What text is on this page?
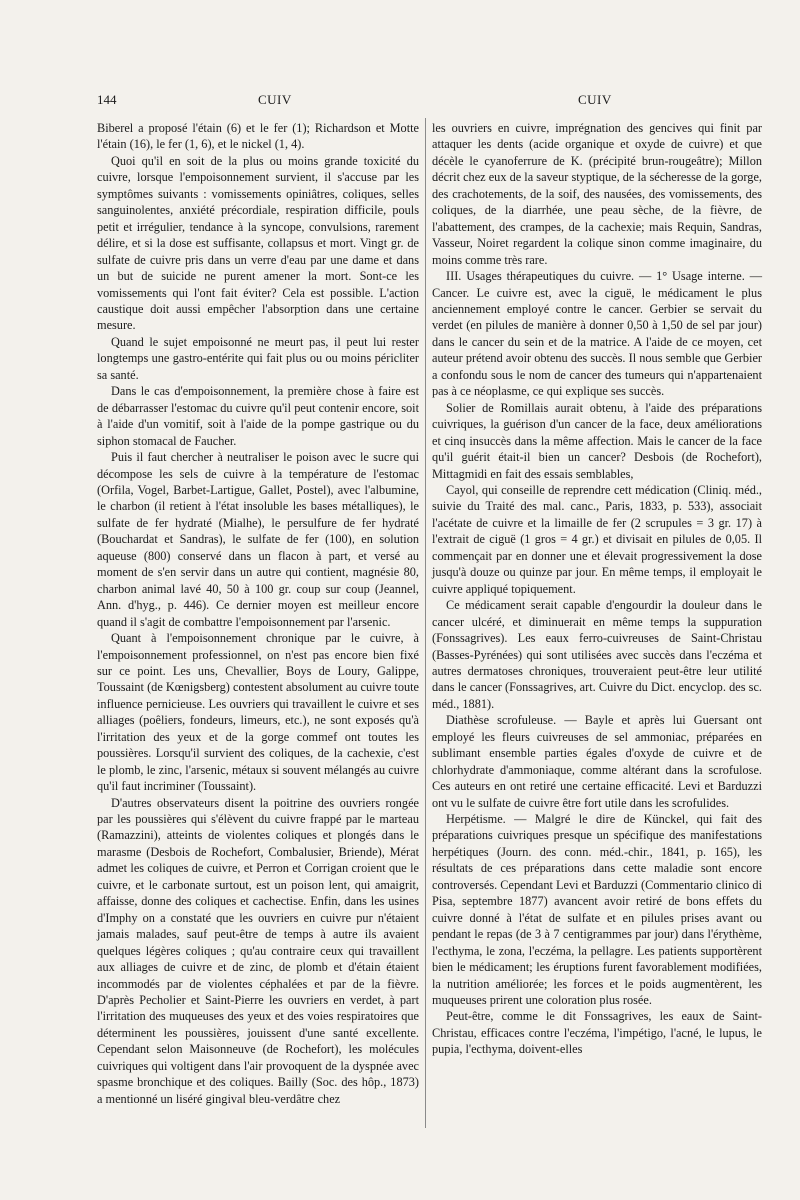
144	CUIV	CUIV

Biberel a proposé l'étain (6) et le fer (1); Richardson et Motte l'étain (16), le fer (1, 6), et le nickel (1, 4).

Quoi qu'il en soit de la plus ou moins grande toxicité du cuivre, lorsque l'empoisonnement survient, il s'accuse par les symptômes suivants : vomissements opiniâtres, coliques, selles sanguinolentes, anxiété précordiale, respiration difficile, pouls petit et irrégulier, tendance à la syncope, convulsions, rarement délire, et si la dose est suffisante, collapsus et mort. Vingt gr. de sulfate de cuivre pris dans un verre d'eau par une dame et dans un but de suicide ne purent amener la mort. Sont-ce les vomissements qui l'ont fait éviter? Cela est possible. L'action caustique doit aussi empêcher l'absorption dans une certaine mesure.

Quand le sujet empoisonné ne meurt pas, il peut lui rester longtemps une gastro-entérite qui fait plus ou ou moins péricliter sa santé.

Dans le cas d'empoisonnement, la première chose à faire est de débarrasser l'estomac du cuivre qu'il peut contenir encore, soit à l'aide d'un vomitif, soit à l'aide de la pompe gastrique ou du siphon stomacal de Faucher.

Puis il faut chercher à neutraliser le poison avec le sucre qui décompose les sels de cuivre à la température de l'estomac (Orfila, Vogel, Barbet-Lartigue, Gallet, Postel), avec l'albumine, le charbon (il retient à l'état insoluble les bases métalliques), le sulfate de fer hydraté (Mialhe), le persulfure de fer hydraté (Bouchardat et Sandras), le sulfate de fer (100), en solution aqueuse (800) conservé dans un flacon à part, et versé au moment de s'en servir dans un autre qui contient, magnésie 80, charbon animal lavé 40, 50 à 100 gr. coup sur coup (Jeannel, Ann. d'hyg., p. 446). Ce dernier moyen est meilleur encore quand il s'agit de combattre l'empoisonnement par l'arsenic.

Quant à l'empoisonnement chronique par le cuivre, à l'empoisonnement professionnel, on n'est pas encore bien fixé sur ce point. Les uns, Chevallier, Boys de Loury, Galippe, Toussaint (de Kœnigsberg) contestent absolument au cuivre toute influence pernicieuse. Les ouvriers qui travaillent le cuivre et ses alliages (poêliers, fondeurs, limeurs, etc.), ne sont exposés qu'à l'irritation des yeux et de la gorge commef ont toutes les poussières. Lorsqu'il survient des coliques, de la cachexie, c'est le plomb, le zinc, l'arsenic, métaux si souvent mélangés au cuivre qu'il faut incriminer (Toussaint).

D'autres observateurs disent la poitrine des ouvriers rongée par les poussières qui s'élèvent du cuivre frappé par le marteau (Ramazzini), atteints de violentes coliques et plongés dans le marasme (Desbois de Rochefort, Combalusier, Briende), Mérat admet les coliques de cuivre, et Perron et Corrigan croient que le cuivre, et le carbonate surtout, est un poison lent, qui amaigrit, affaisse, donne des coliques et cachectise. Enfin, dans les usines d'Imphy on a constaté que les ouvriers en cuivre pur n'étaient jamais malades, sauf peut-être de temps à autre ils avaient quelques légères coliques ; qu'au contraire ceux qui travaillent aux alliages de cuivre et de zinc, de plomb et d'étain étaient incommodés par de violentes céphalées et par de la fièvre. D'après Pecholier et Saint-Pierre les ouvriers en verdet, à part l'irritation des muqueuses des yeux et des voies respiratoires que déterminent les poussières, jouissent d'une santé excellente. Cependant selon Maisonneuve (de Rochefort), les molécules cuivriques qui voltigent dans l'air provoquent de la dyspnée avec spasme bronchique et des coliques. Bailly (Soc. des hôp., 1873) a mentionné un liséré gingival bleu-verdâtre chez

les ouvriers en cuivre, imprégnation des gencives qui finit par attaquer les dents (acide organique et oxyde de cuivre) et que décèle le cyanoferrure de K. (précipité brun-rougeâtre); Millon décrit chez eux de la saveur styptique, de la sécheresse de la gorge, des crachotements, de la soif, des nausées, des vomissements, des coliques, de la diarrhée, une peau sèche, de la fièvre, de l'abattement, des crampes, de la cachexie; mais Requin, Sandras, Vasseur, Noiret regardent la colique sinon comme imaginaire, du moins comme très rare.

III. Usages thérapeutiques du cuivre. — 1° Usage interne. — Cancer. Le cuivre est, avec la ciguë, le médicament le plus anciennement employé contre le cancer. Gerbier se servait du verdet (en pilules de manière à donner 0,50 à 1,50 de sel par jour) dans le cancer du sein et de la matrice. A l'aide de ce moyen, cet auteur prétend avoir obtenu des succès. Il nous semble que Gerbier a confondu sous le nom de cancer des tumeurs qui n'appartenaient pas à ce néoplasme, ce qui explique ses succès.

Solier de Romillais aurait obtenu, à l'aide des préparations cuivriques, la guérison d'un cancer de la face, deux améliorations et cinq insuccès dans la même affection. Mais le cancer de la face qu'il guérit était-il bien un cancer? Desbois (de Rochefort), Mittagmidi en fait des essais semblables,

Cayol, qui conseille de reprendre cett médication (Cliniq. méd., suivie du Traité des mal. canc., Paris, 1833, p. 533), associait l'acétate de cuivre et la limaille de fer (2 scrupules = 3 gr. 17) à l'extrait de ciguë (1 gros = 4 gr.) et divisait en pilules de 0,05. Il commençait par en donner une et élevait progressivement la dose jusqu'à douze ou quinze par jour. En même temps, il employait le cuivre appliqué topiquement.

Ce médicament serait capable d'engourdir la douleur dans le cancer ulcéré, et diminuerait en même temps la suppuration (Fonssagrives). Les eaux ferro-cuivreuses de Saint-Christau (Basses-Pyrénées) qui sont utilisées avec succès dans l'eczéma et autres dermatoses chroniques, trouveraient peut-être leur utilité dans le cancer (Fonssagrives, art. Cuivre du Dict. encyclop. des sc. méd., 1881).

Diathèse scrofuleuse. — Bayle et après lui Guersant ont employé les fleurs cuivreuses de sel ammoniac, préparées en sublimant ensemble parties égales d'oxyde de cuivre et de chlorhydrate d'ammoniaque, comme altérant dans la scrofulose. Ces auteurs en ont retiré une certaine efficacité. Levi et Barduzzi ont vu le sulfate de cuivre être fort utile dans les scrofulides.

Herpétisme. — Malgré le dire de Künckel, qui fait des préparations cuivriques presque un spécifique des manifestations herpétiques (Journ. des conn. méd.-chir., 1841, p. 165), les résultats de ces préparations dans cette maladie sont encore controversés. Cependant Levi et Barduzzi (Commentario clinico di Pisa, septembre 1877) avancent avoir retiré de bons effets du cuivre donné à l'état de sulfate et en pilules prises avant ou pendant le repas (de 3 à 7 centigrammes par jour) dans l'érythème, l'ecthyma, le zona, l'eczéma, la pellagre. Les patients supportèrent bien le médicament; les éruptions furent favorablement modifiées, la nutrition améliorée; les forces et le poids augmentèrent, les muqueuses prirent une coloration plus rosée.

Peut-être, comme le dit Fonssagrives, les eaux de Saint-Christau, efficaces contre l'eczéma, l'impétigo, l'acné, le lupus, le pupia, l'ecthyma, doivent-elles
